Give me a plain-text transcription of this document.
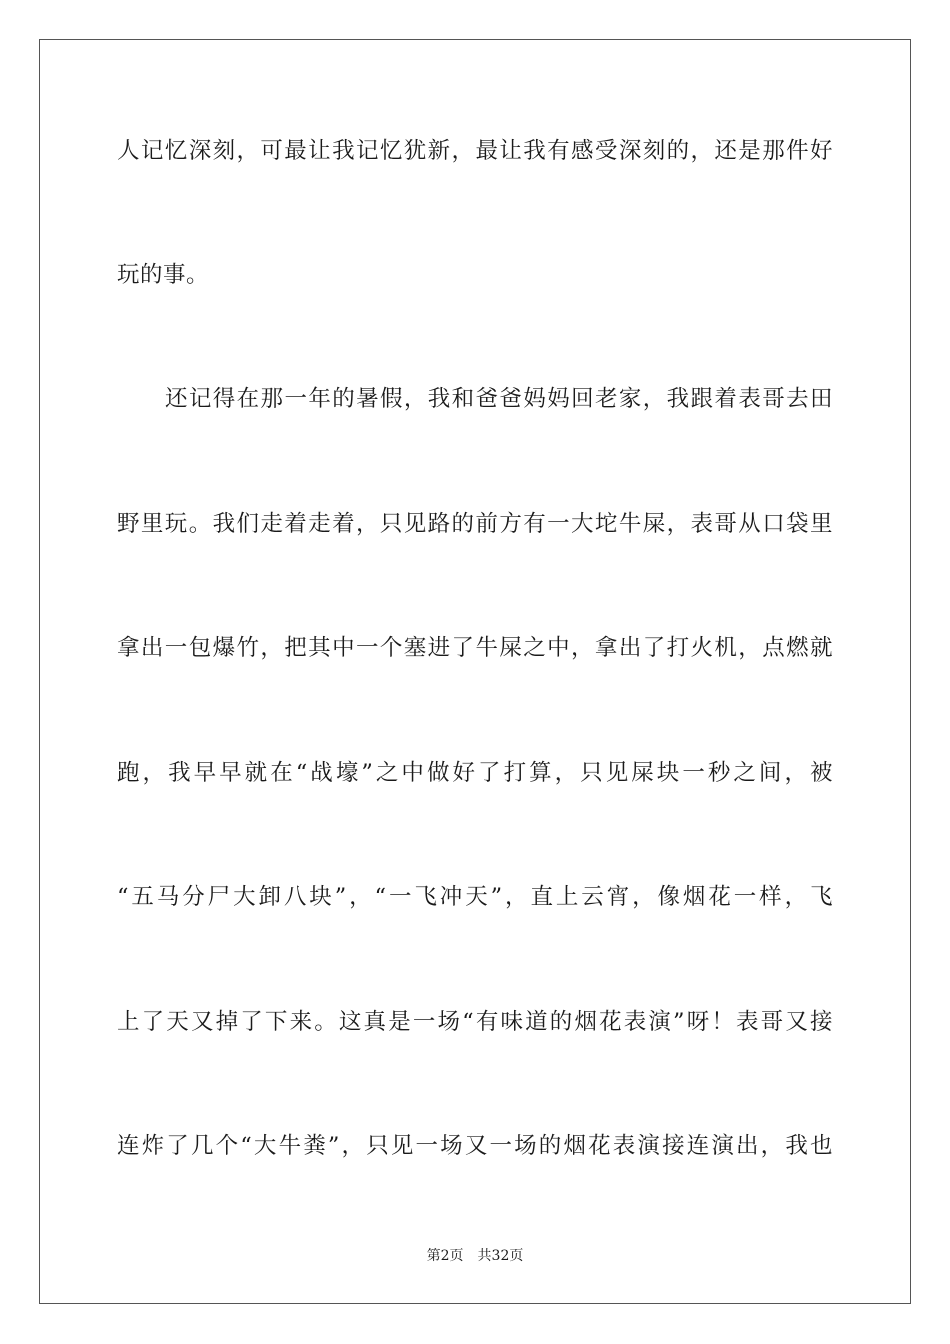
人记忆深刻，可最让我记忆犹新，最让我有感受深刻的，还是那件好
玩的事。
还记得在那一年的暑假，我和爸爸妈妈回老家，我跟着表哥去田
野里玩。我们走着走着，只见路的前方有一大坨牛屎，表哥从口袋里
拿出一包爆竹，把其中一个塞进了牛屎之中，拿出了打火机，点燃就
跑，我早早就在“战壕”之中做好了打算，只见屎块一秒之间，被
“五马分尸大卸八块”，“一飞冲天”，直上云宵，像烟花一样，飞
上了天又掉了下来。这真是一场“有味道的烟花表演”呀！表哥又接
连炸了几个“大牛粪”，只见一场又一场的烟花表演接连演出，我也
第2页 共32页
